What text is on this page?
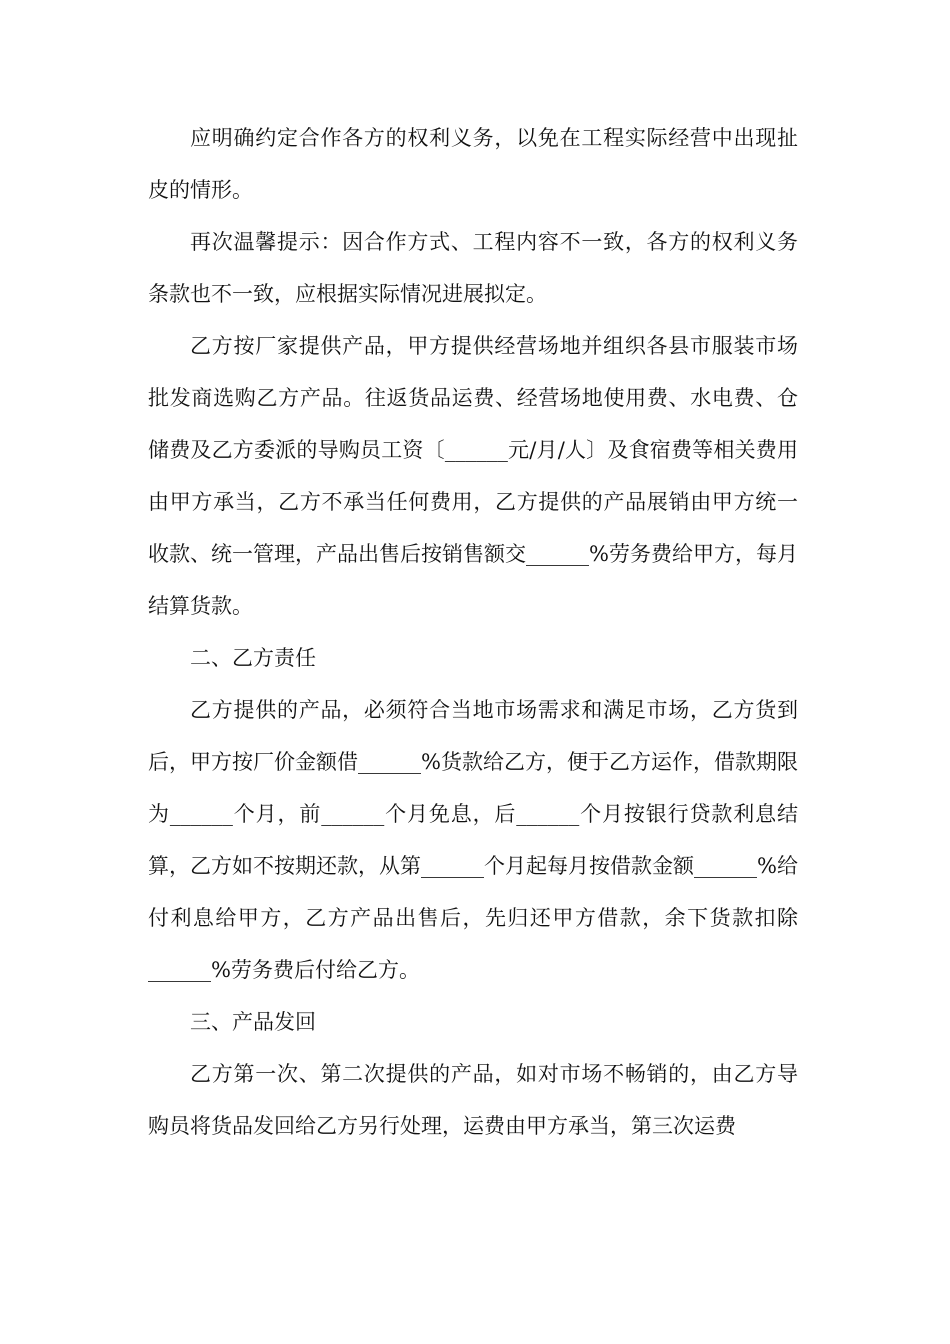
应明确约定合作各方的权利义务，以免在工程实际经营中出现扯皮的情形。

再次温馨提示：因合作方式、工程内容不一致，各方的权利义务条款也不一致，应根据实际情况进展拟定。

乙方按厂家提供产品，甲方提供经营场地并组织各县市服装市场批发商选购乙方产品。往返货品运费、经营场地使用费、水电费、仓储费及乙方委派的导购员工资〔______元/月/人〕及食宿费等相关费用由甲方承当，乙方不承当任何费用，乙方提供的产品展销由甲方统一收款、统一管理，产品出售后按销售额交______%劳务费给甲方，每月结算货款。

二、乙方责任

乙方提供的产品，必须符合当地市场需求和满足市场，乙方货到后，甲方按厂价金额借______%货款给乙方，便于乙方运作，借款期限为______个月，前______个月免息，后______个月按银行贷款利息结算，乙方如不按期还款，从第______个月起每月按借款金额______%给付利息给甲方，乙方产品出售后，先归还甲方借款，余下货款扣除______%劳务费后付给乙方。

三、产品发回

乙方第一次、第二次提供的产品，如对市场不畅销的，由乙方导购员将货品发回给乙方另行处理，运费由甲方承当，第三次运费
